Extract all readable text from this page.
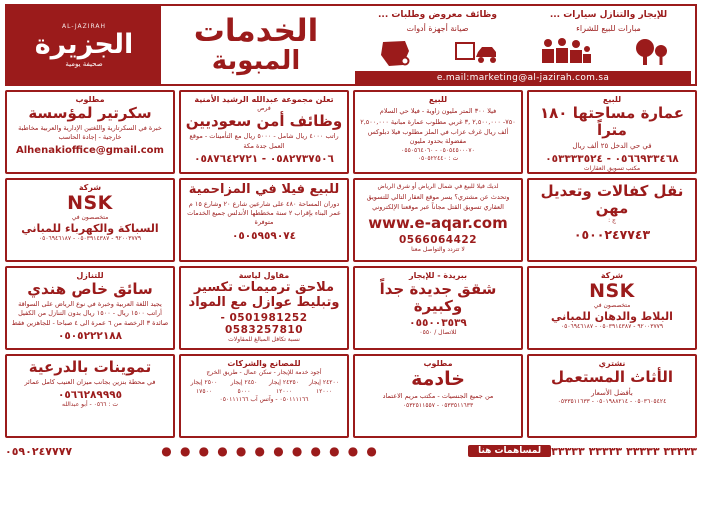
AL-JAZIRAH
الجزيرة
صحيفة يومية
الخدمات
المبوبة
وظائف معروض وطلبات ...
صيانة أجهزة أدوات
للإيجار والتنازل سيارات ...
مبارات للبيع للشراء
e.mail:marketing@al-jazirah.com.sa
للبيع
عمارة مساحتها ١٨٠ متراً
في حي الدخل ٢٥ ألف ريال
٠٥٦٦٩٣٣٤٦٨ - ٠٥٣٣٣٣٥٢٤
مكتب تسويق العقارات
للبيع
فيلا ٣٠٠ المتر مليون زاوية - فيلا حي السلام
٧٥٠- ٢,٥٠٠,٠٠٠ ,٣ غربي مطلوب عمارة مبانية ٢,٥٠٠,٠٠٠ ألف ريال غرف عزاب في الملز مطلوب فيلا دبلوكس مفضولة بحدود مليون
٠٥٠٥٤٥٠٠٠٧٠ - ٠٥٥٠٥٦٤٠٦٠
ت : ٠٥٠٥٢٢٤٤٠
تعلن مجموعة عبدالله الرشيد الأمنية
فرص
وظائف أمن سعوديين
راتب ٤٠٠٠ ريال شامل - ٥٠٠٠ ريال مع التأمينات - موقع العمل جدة مكة
٠٥٨٢٧٣٧٥٠٦ - ٠٥٨٧٦٤٢٧٢١
مطلوب
سكرتير لمؤسسة
خبرة في السكرتارية واللغتين الإدارية والعربية مخاطبة خارجية - إجادة الحاسب
Alhenakioffice@gmail.com
نقل كفالات وتعديل مهن
ج :
٠٥٠٠٢٤٧٧٤٣
لديك فيلا للبيع في شمال الرياض أو شرق الرياض
وتحدث عن مشتري؟ يسر موقع العقار التالي للتسويق العقاري تسويق القتل مجاناً عبر موقعنا الإلكتروني
www.e-aqar.com
0566064422
لا تتردد والتواصل معنا
للبيع فيلا في المزاحمية
دوران المساحة ٤٨٠ على شارعين شارع ٢٠ وشارع ١٥ م عمر البناء بإقراب ٢ سنة مخططها الأندلس جميع الخدمات متوفرة
٠٥٠٥٩٥٩٠٧٤
شركة
NSK
متخصصون في
السباكة والكهرباء للمباني
٩٢٠٠٣٧٧٩ - ٠٥٠٣٩١٤٣٨٧ - ٠٥٠٦٩٤٦١٨٧
شركة
NSK
متخصصون في
البلاط والدهان للمباني
٩٢٠٠٣٧٧٩ - ٠٥٠٣٩١٤٣٨٧ - ٠٥٠٦٩٤٦١٨٧
ببريدة - للإيجار
شقق جديدة جداً وكبيرة
٠٥٥٠٠٣٥٣٩
للاتصال / ٠٥٥٠
مقاول لياسة
ملاحق ترميمات تكسير وتبليط عوازل مع المواد
0501981252 - 0583257810
نسبة تكافل المبالغ للمقاولات
للتنازل
سائق خاص هندي
يجيد اللغة العربية وخبرة في نوع الرياض على السواقة أراتب ١٥٠٠ ريال - ١٥٠٠ ريال بدون التنازل من الكفيل صائدة ٣ الرخصة من ٦ عمرة الى ٤ صباحا - للجاهزين فقط
٠٥٠٥٢٢٢١٨٨
نشتري
الأثاث المستعمل
بأفضل الأسعار
٠٥٠٣٦٠٥٤٢٤ - ٠٥٠١٩٨٨٢١٤ - ٠٥٣٣٥١١٦٣٣
مطلوب
خادمة
من جميع الجنسيات - مكتب مريم الاعتماد
٠٥٣٣٥١١٦٣٣ - ٠٥٣٢٥١١٥٥٧
للمصانع والشركات
أجود خدمة للإيجار - سكن عمال - طريق الخرج
٢٥٠٠ إيجار ١٧٥٠٠
٢٤٥٠ إيجار ٥٠٠٠
٢٤٣٥٠ إيجار ١٢٠٠٠
٢٤٢٠٠ إيجار ١٢٠٠٠
٠٥٠١١١١٦٦ - وآتس آب ٠٥٠١١١١٦٦
تموينات بالدرعية
في محطة بنزين بجانب ميزان العنيب كامل عمائر
٠٥٦٦٢٨٩٩٩٥
ت : ٠٥٦٦ - أبو عبدالله
٠٥٩٠٢٤٧٧٧٧	● ● ● ● ● ● ● ● ● ● ● ●	لمساهمات هنا ٣٣٣٣٣ ٣٣٣٣٣ ٣٣٣٣٣ ٣٣٣٣٣
